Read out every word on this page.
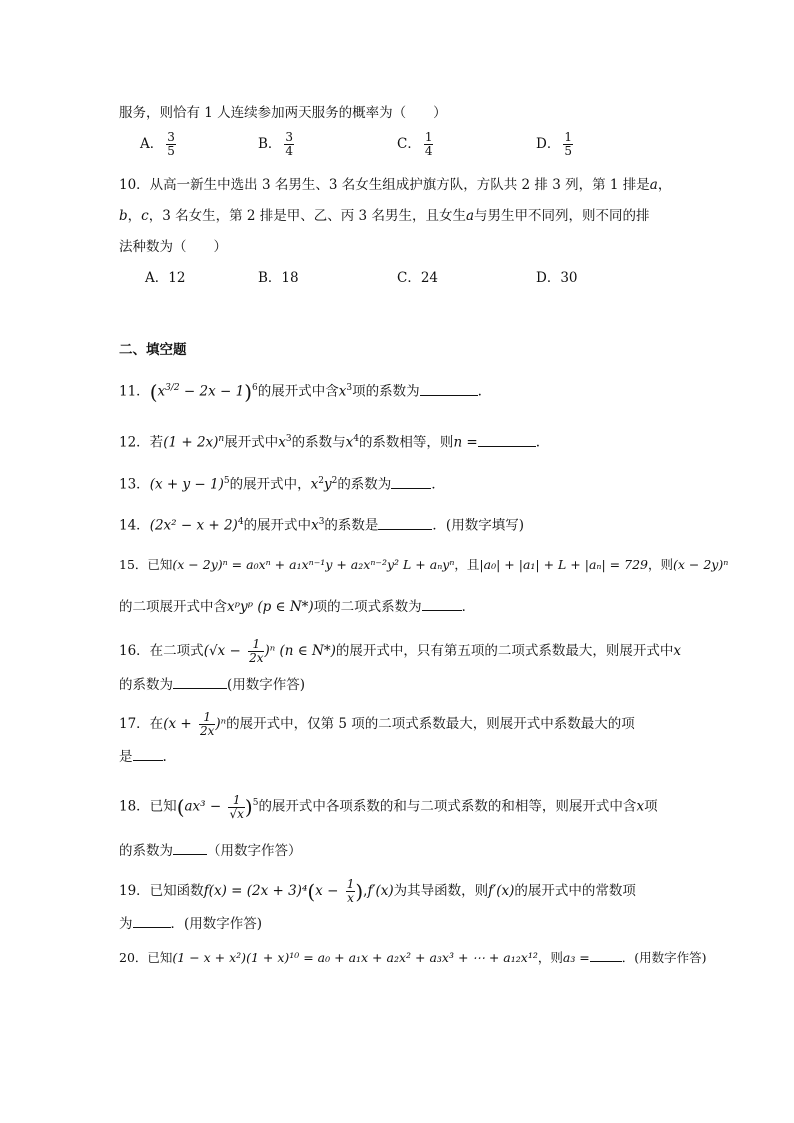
服务，则恰有 1 人连续参加两天服务的概率为（　　）
A． $\frac{3}{5}$	B． $\frac{3}{4}$	C． $\frac{1}{4}$	D． $\frac{1}{5}$
10．从高一新生中选出 3 名男生、3 名女生组成护旗方队，方队共 2 排 3 列，第 1 排是a，
b，c，3 名女生，第 2 排是甲、乙、丙 3 名男生，且女生a与男生甲不同列，则不同的排
法种数为（　　）
A．12	B．18	C．24	D．30
二、填空题
11．$(x^{3/2} - 2x - 1)^6$的展开式中含$x^3$项的系数为	.
12．若$(1 + 2x)^n$展开式中$x^3$的系数与$x^4$的系数相等，则n =	.
13．$(x + y - 1)^5$的展开式中，$x^2y^2$的系数为	．
14．$(2x^2 - x + 2)^4$的展开式中$x^3$的系数是	．(用数字填写)
15．已知(x − 2y)ⁿ = a₀xⁿ + a₁xⁿ⁻¹y + a₂xⁿ⁻²y² L + aₙyⁿ，且|a₀| + |a₁| + L + |aₙ| = 729，则(x − 2y)ⁿ
的二项展开式中含xᵖyᵖ (p ∈ N*)项的二项式系数为	．
16．在二项式$(√x - \frac{1}{2x} )^n$ (n ∈ N*)的展开式中，只有第五项的二项式系数最大，则展开式中x
的系数为	(用数字作答)
17．在$(x + \frac{1}{2x} )^n$的展开式中，仅第 5 项的二项式系数最大，则展开式中系数最大的项
是 .
18．已知$(ax^3 - \frac{1}{√x} )^5$的展开式中各项系数的和与二项式系数的和相等，则展开式中含x项
的系数为	（用数字作答）
19．已知函数$f(x) = (2x + 3)^4(x - \frac{1}{x} ),f'(x)$为其导函数，则f′(x)的展开式中的常数项
为	．(用数字作答)
20．已知(1 − x + x²)(1 + x)¹⁰ = a₀ + a₁x + a₂x² + a₃x³ + ⋯ + a₁₂x¹²，则a₃ =	．(用数字作答)
